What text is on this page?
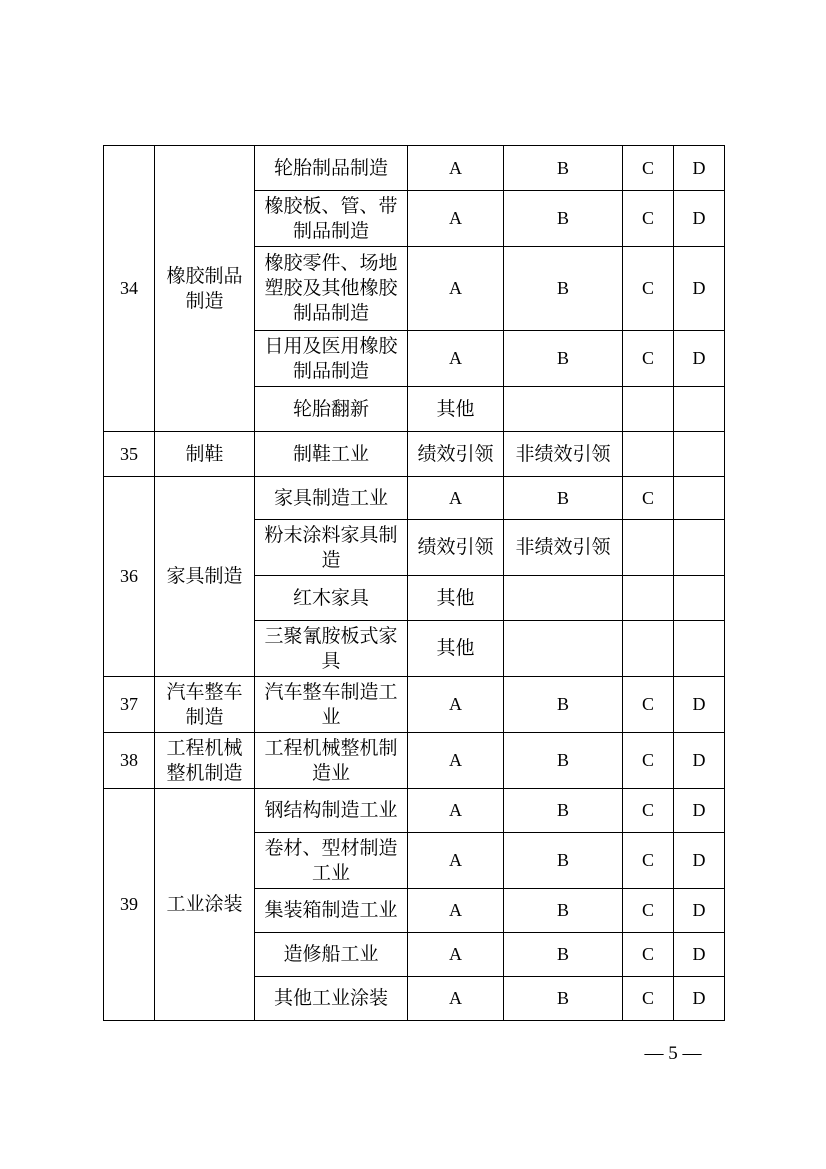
34	橡胶制品制造	轮胎制品制造	A	B	C	D
		橡胶板、管、带制品制造	A	B	C	D
		橡胶零件、场地塑胶及其他橡胶制品制造	A	B	C	D
		日用及医用橡胶制品制造	A	B	C	D
		轮胎翻新	其他			
35	制鞋	制鞋工业	绩效引领	非绩效引领		
36	家具制造	家具制造工业	A	B	C	
		粉末涂料家具制造	绩效引领	非绩效引领		
		红木家具	其他			
		三聚氰胺板式家具	其他			
37	汽车整车制造	汽车整车制造工业	A	B	C	D
38	工程机械整机制造	工程机械整机制造业	A	B	C	D
39	工业涂装	钢结构制造工业	A	B	C	D
		卷材、型材制造工业	A	B	C	D
		集装箱制造工业	A	B	C	D
		造修船工业	A	B	C	D
		其他工业涂装	A	B	C	D
— 5 —
